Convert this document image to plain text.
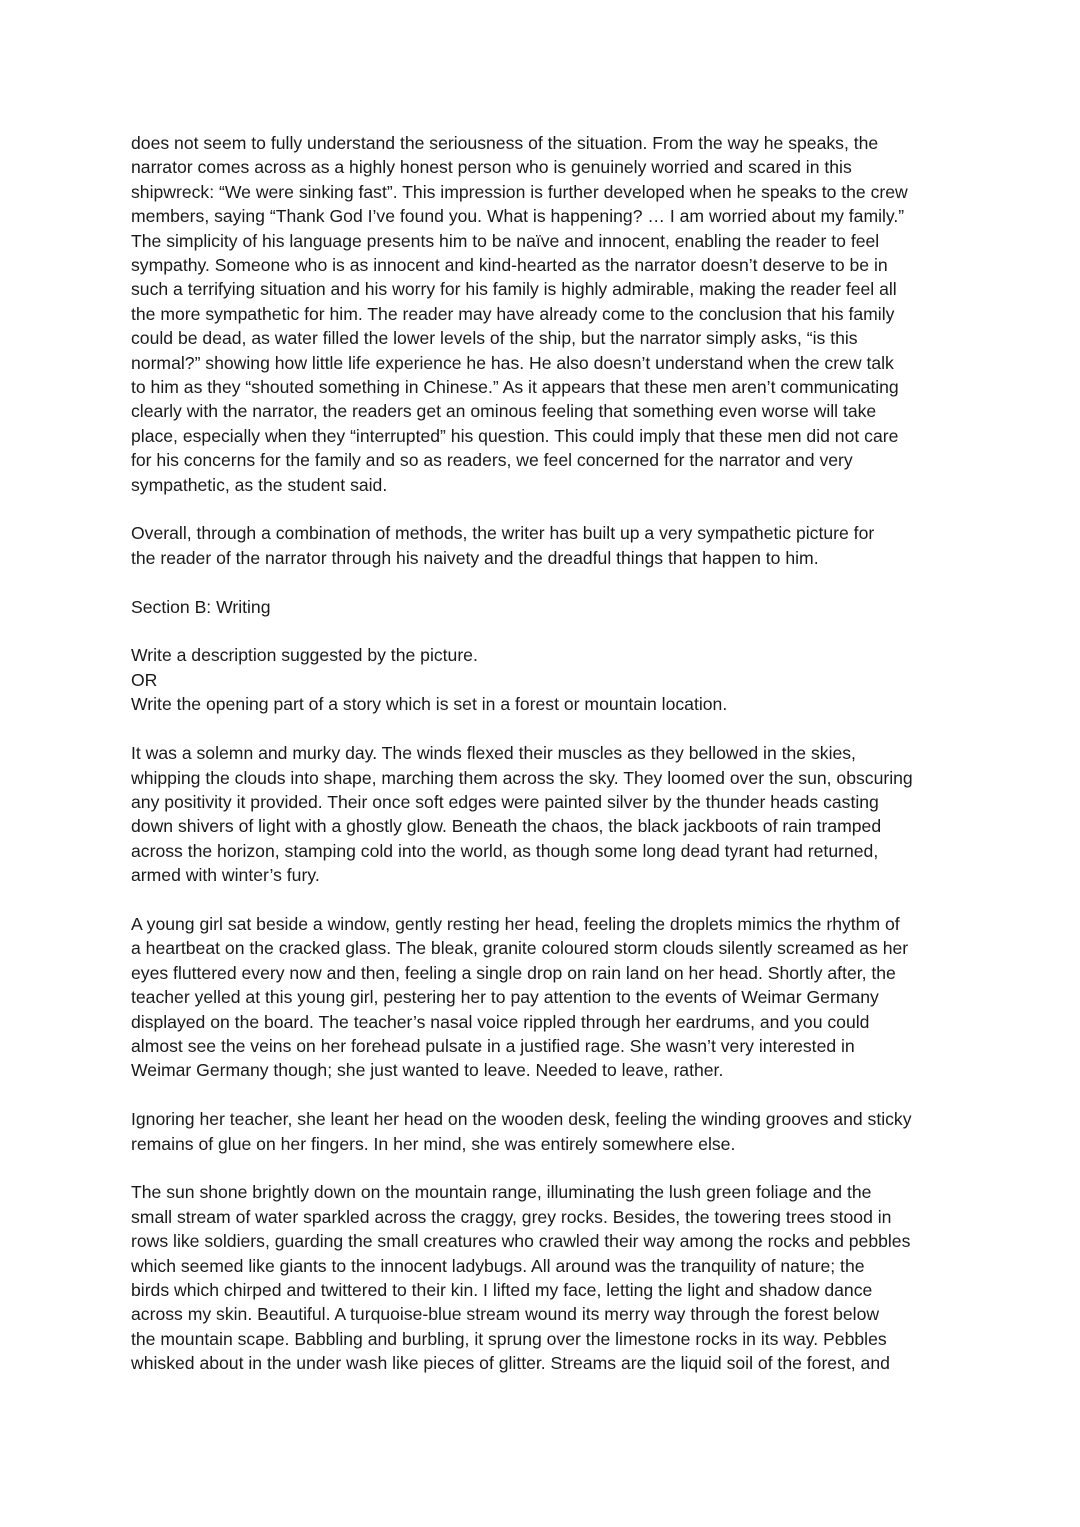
does not seem to fully understand the seriousness of the situation. From the way he speaks, the
narrator comes across as a highly honest person who is genuinely worried and scared in this
shipwreck: “We were sinking fast”. This impression is further developed when he speaks to the crew
members, saying “Thank God I’ve found you. What is happening? … I am worried about my family.”
The simplicity of his language presents him to be naïve and innocent, enabling the reader to feel
sympathy. Someone who is as innocent and kind-hearted as the narrator doesn’t deserve to be in
such a terrifying situation and his worry for his family is highly admirable, making the reader feel all
the more sympathetic for him. The reader may have already come to the conclusion that his family
could be dead, as water filled the lower levels of the ship, but the narrator simply asks, “is this
normal?” showing how little life experience he has. He also doesn’t understand when the crew talk
to him as they “shouted something in Chinese.” As it appears that these men aren’t communicating
clearly with the narrator, the readers get an ominous feeling that something even worse will take
place, especially when they “interrupted” his question. This could imply that these men did not care
for his concerns for the family and so as readers, we feel concerned for the narrator and very
sympathetic, as the student said.

Overall, through a combination of methods, the writer has built up a very sympathetic picture for
the reader of the narrator through his naivety and the dreadful things that happen to him.

Section B: Writing

Write a description suggested by the picture.

OR

Write the opening part of a story which is set in a forest or mountain location.

It was a solemn and murky day. The winds flexed their muscles as they bellowed in the skies,
whipping the clouds into shape, marching them across the sky. They loomed over the sun, obscuring
any positivity it provided. Their once soft edges were painted silver by the thunder heads casting
down shivers of light with a ghostly glow. Beneath the chaos, the black jackboots of rain tramped
across the horizon, stamping cold into the world, as though some long dead tyrant had returned,
armed with winter’s fury.

A young girl sat beside a window, gently resting her head, feeling the droplets mimics the rhythm of
a heartbeat on the cracked glass. The bleak, granite coloured storm clouds silently screamed as her
eyes fluttered every now and then, feeling a single drop on rain land on her head. Shortly after, the
teacher yelled at this young girl, pestering her to pay attention to the events of Weimar Germany
displayed on the board. The teacher’s nasal voice rippled through her eardrums, and you could
almost see the veins on her forehead pulsate in a justified rage. She wasn’t very interested in
Weimar Germany though; she just wanted to leave. Needed to leave, rather.

Ignoring her teacher, she leant her head on the wooden desk, feeling the winding grooves and sticky
remains of glue on her fingers. In her mind, she was entirely somewhere else.

The sun shone brightly down on the mountain range, illuminating the lush green foliage and the
small stream of water sparkled across the craggy, grey rocks. Besides, the towering trees stood in
rows like soldiers, guarding the small creatures who crawled their way among the rocks and pebbles
which seemed like giants to the innocent ladybugs. All around was the tranquility of nature; the
birds which chirped and twittered to their kin. I lifted my face, letting the light and shadow dance
across my skin. Beautiful. A turquoise-blue stream wound its merry way through the forest below
the mountain scape. Babbling and burbling, it sprung over the limestone rocks in its way. Pebbles
whisked about in the under wash like pieces of glitter. Streams are the liquid soil of the forest, and
